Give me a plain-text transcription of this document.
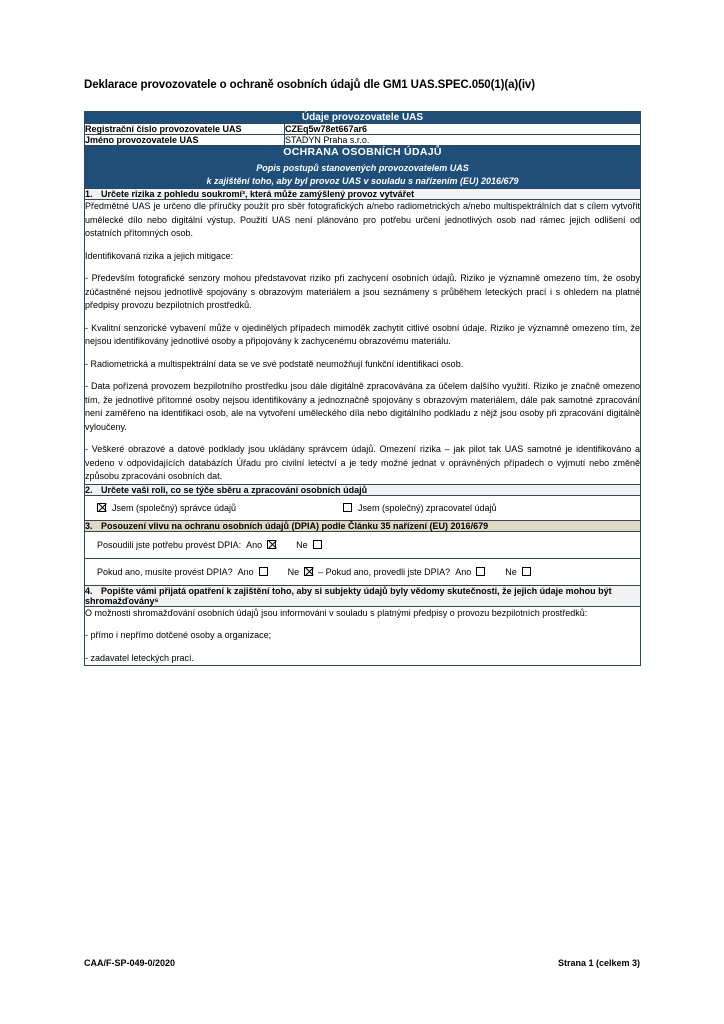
Deklarace provozovatele o ochraně osobních údajů dle GM1 UAS.SPEC.050(1)(a)(iv)
Údaje provozovatele UAS	
Registrační číslo provozovatele UAS	CZEq5w78et667ar6
Jméno provozovatele UAS	STADYN Praha s.r.o.

OCHRANA OSOBNÍCH ÚDAJŮ
Popis postupů stanovených provozovatelem UAS
k zajištění toho, aby byl provoz UAS v souladu s nařízením (EU) 2016/679	

1. Určete rizika z pohledu soukromí³, která může zamýšlený provoz vytvářet	

Předmětné UAS je určeno dle příručky použít pro sběr fotografických a/nebo radiometrických a/nebo multispektrálních dat s cílem vytvořit umělecké dílo nebo digitální výstup. Použití UAS není plánováno pro potřebu určení jednotlivých osob nad rámec jejich odlišení od ostatních přítomných osob.

Identifikovaná rizika a jejich mitigace:

- Především fotografické senzory mohou představovat riziko při zachycení osobních údajů. Riziko je významně omezeno tím, že osoby zúčastněné nejsou jednotlivě spojovány s obrazovým materiálem a jsou seznámeny s průběhem leteckých prací i s ohledem na platné předpisy provozu bezpilotních prostředků.

- Kvalitní senzorické vybavení může v ojedinělých případech mimoděk zachytit citlivé osobní údaje. Riziko je významně omezeno tím, že nejsou identifikovány jednotlivé osoby a připojovány k zachycenému obrazovému materiálu.

- Radiometrická a multispektrální data se ve své podstatě neumožňují funkční identifikaci osob.

- Data pořízená provozem bezpilotního prostředku jsou dále digitálně zpracovávána za účelem dalšího využití. Riziko je značně omezeno tím, že jednotlivé přítomné osoby nejsou identifikovány a jednoznačně spojovány s obrazovým materiálem, dále pak samotné zpracování není zaměřeno na identifikaci osob, ale na vytvoření uměleckého díla nebo digitálního podkladu z nějž jsou osoby při zpracování digitálně vyloučeny.

- Veškeré obrazové a datové podklady jsou ukládány správcem údajů. Omezení rizika – jak pilot tak UAS samotné je identifikováno a vedeno v odpovídajících databázích Úřadu pro civilní letectví a je tedy možné jednat v oprávněných případech o vyjmutí nebo změně způsobu zpracování osobních dat.

2. Určete vaši roli, co se týče sběru a zpracování osobních údajů	

Jsem (společný) správce údajů Jsem (společný) zpracovatel údajů	

3. Posouzení vlivu na ochranu osobních údajů (DPIA) podle Článku 35 nařízení (EU) 2016/679	

Posoudili jste potřebu provést DPIA: Ano Ne	

Pokud ano, musíte provést DPIA? Ano	Ne – Pokud ano, provedli jste DPIA? Ano	Ne

4. Popište vámi přijatá opatření k zajištění toho, aby si subjekty údajů byly vědomy skutečnosti, že jejich údaje mohou být shromažďovány⁶	

O možnosti shromažďování osobních údajů jsou informováni v souladu s platnými předpisy o provozu bezpilotních prostředků:

- přímo i nepřímo dotčené osoby a organizace;

- zadavatel leteckých prací.	

CAA/F-SP-049-0/2020	Strana 1 (celkem 3)
